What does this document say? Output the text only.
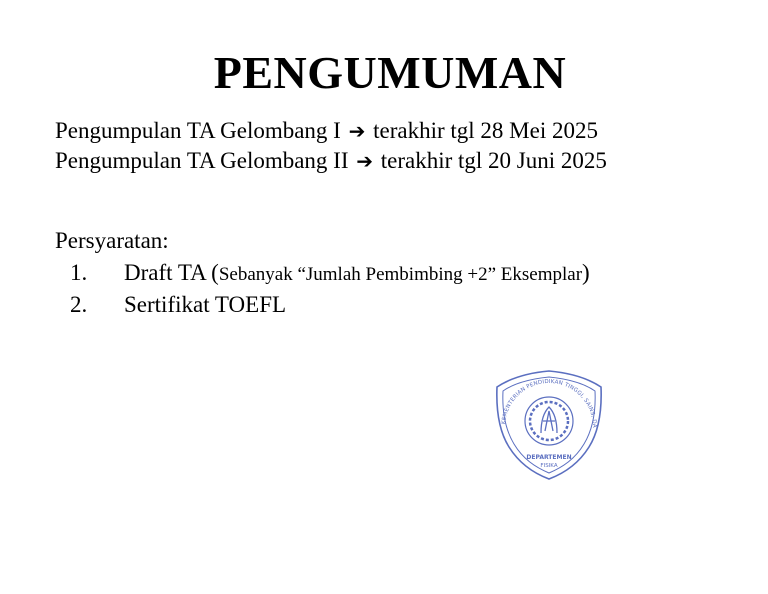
PENGUMUMAN
Pengumpulan TA Gelombang I ➔ terakhir tgl 28 Mei 2025
Pengumpulan TA Gelombang II ➔ terakhir tgl 20 Juni 2025
Persyaratan:
1. Draft TA (Sebanyak “Jumlah Pembimbing +2” Eksemplar)
2. Sertifikat TOEFL
KEMENTERIAN PENDIDIKAN TINGGI, SAINS, DA
DEPARTEMEN
FISIKA
